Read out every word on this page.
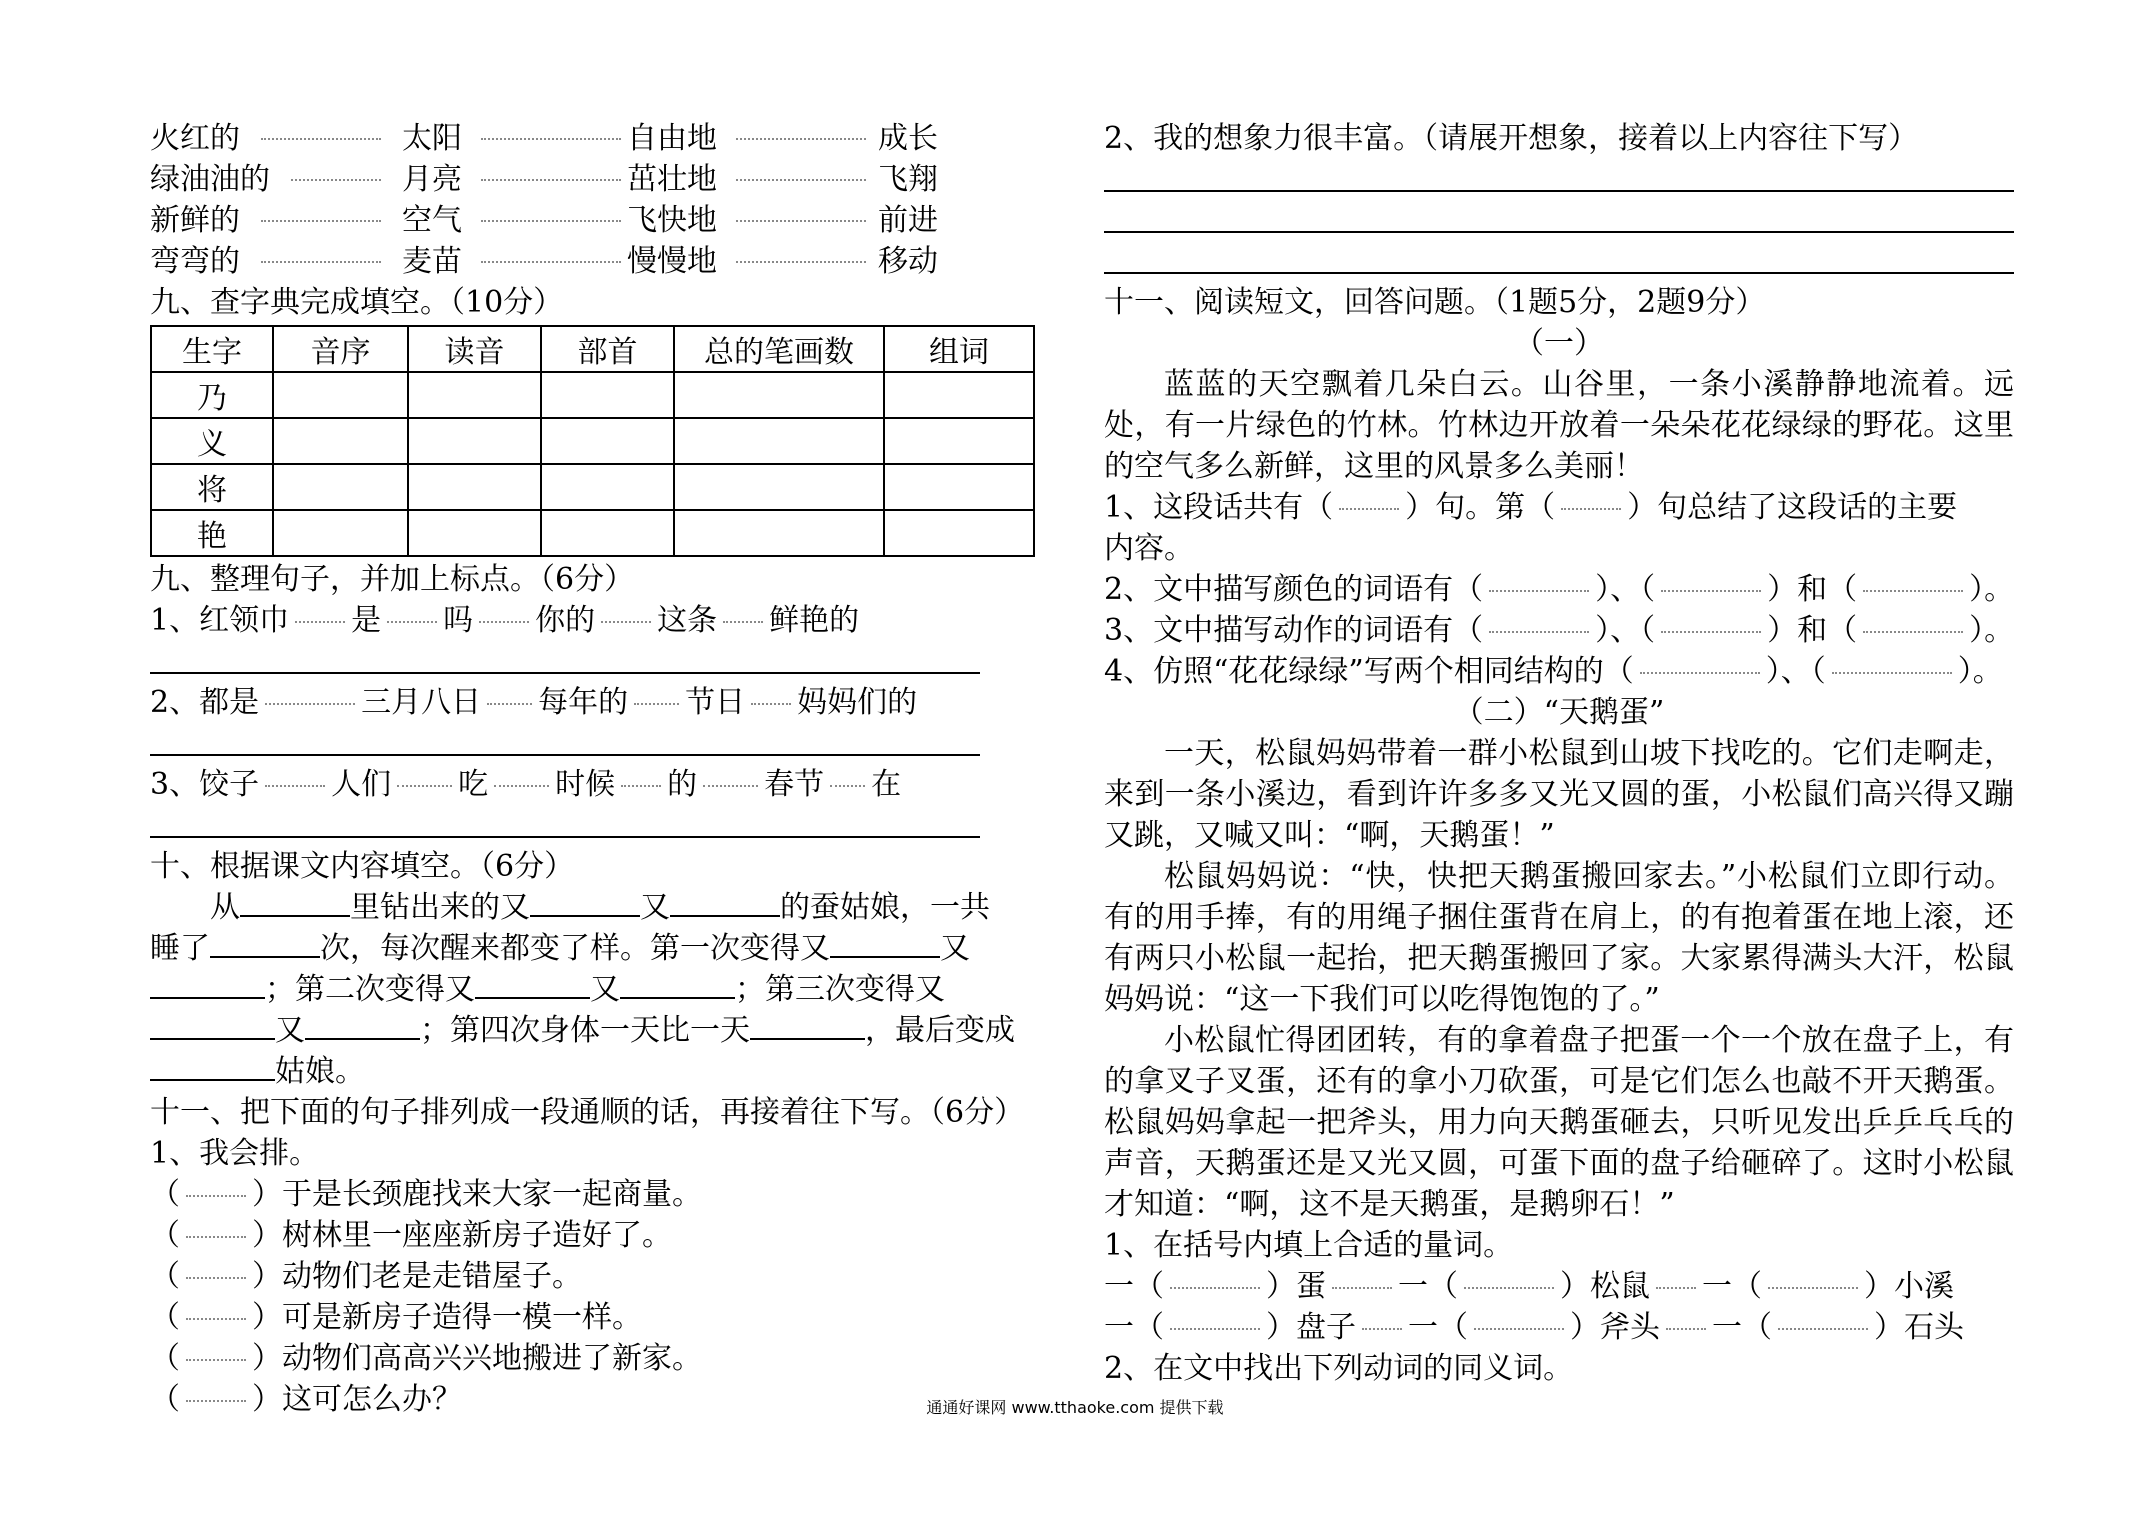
火红的	太阳	自由地	成长
绿油油的	月亮	茁壮地	飞翔
新鲜的	空气	飞快地	前进
弯弯的	麦苗	慢慢地	移动
九、查字典完成填空。（10分）
生字	音序	读音	部首	总的笔画数	组词
乃					
义					
将					
艳					
九、整理句子，并加上标点。（6分）
1、红领巾 是 吗 你的 这条 鲜艳的
2、都是	三月八日 每年的 节日 妈妈们的
3、饺子 人们 吃 时候 的 春节 在
十、根据课文内容填空。（6分）
从	里钻出来的又	又	的蚕姑娘，一共
睡了	次，每次醒来都变了样。第一次变得又	又
；第二次变得又	又	；第三次变得又
又	；第四次身体一天比一天	，最后变成
姑娘。
十一、把下面的句子排列成一段通顺的话，再接着往下写。（6分）
1、我会排。
（ ）于是长颈鹿找来大家一起商量。
（ ）树林里一座座新房子造好了。
（ ）动物们老是走错屋子。
（ ）可是新房子造得一模一样。
（ ）动物们高高兴兴地搬进了新家。
（ ）这可怎么办？
2、我的想象力很丰富。（请展开想象，接着以上内容往下写）
十一、阅读短文，回答问题。（1题5分，2题9分）
（一）
蓝蓝的天空飘着几朵白云。山谷里，一条小溪静静地流着。远处，有一片绿色的竹林。竹林边开放着一朵朵花花绿绿的野花。这里的空气多么新鲜，这里的风景多么美丽！
1、这段话共有（ ）句。第（ ）句总结了这段话的主要
内容。
2、文中描写颜色的词语有（	）、（	）和（	）。
3、文中描写动作的词语有（	）、（	）和（	）。
4、仿照“花花绿绿”写两个相同结构的（	）、（	）。
（二）“天鹅蛋”
一天，松鼠妈妈带着一群小松鼠到山坡下找吃的。它们走啊走，来到一条小溪边，看到许许多多又光又圆的蛋，小松鼠们高兴得又蹦又跳，又喊又叫：“啊，天鹅蛋！”
松鼠妈妈说：“快，快把天鹅蛋搬回家去。”小松鼠们立即行动。有的用手捧，有的用绳子捆住蛋背在肩上，的有抱着蛋在地上滚，还有两只小松鼠一起抬，把天鹅蛋搬回了家。大家累得满头大汗，松鼠妈妈说：“这一下我们可以吃得饱饱的了。”
小松鼠忙得团团转，有的拿着盘子把蛋一个一个放在盘子上，有的拿叉子叉蛋，还有的拿小刀砍蛋，可是它们怎么也敲不开天鹅蛋。松鼠妈妈拿起一把斧头，用力向天鹅蛋砸去，只听见发出乒乒乓乓的声音，天鹅蛋还是又光又圆，可蛋下面的盘子给砸碎了。这时小松鼠才知道：“啊，这不是天鹅蛋，是鹅卵石！”
1、在括号内填上合适的量词。
一（	）蛋 一（	）松鼠 一（	）小溪
一（	）盘子 一（	）斧头 一（	）石头
2、在文中找出下列动词的同义词。
通通好课网 www.tthaoke.com 提供下载
